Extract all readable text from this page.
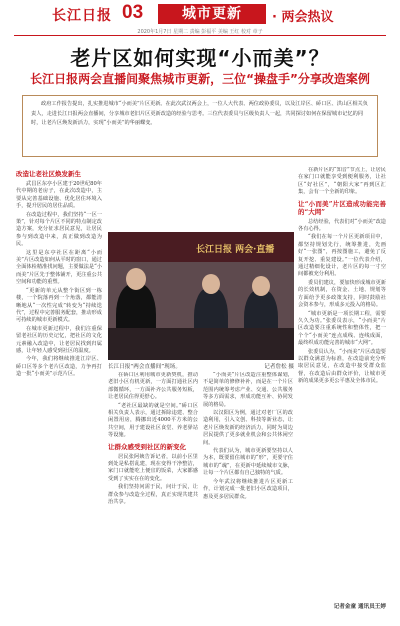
长江日报 03	城市更新	· 两会热议
2020年1月7日 星期二 责编 彭福平 美编 王红 校对 章子
老片区如何实现“小而美”？
长江日报两会直播间聚焦城市更新，三位“操盘手”分享改造案例

政府工作报告提出，扎实推进城市“小而美”片区更新。在此次武汉两会上，一位人大代表、两位政协委员，以及江岸区、硚口区、洪山区相关负责人，走进长江日报两会直播间，分享城市老旧片区更新改造的经验与思考。三位代表委员与区级负责人一起，共同探讨如何在保留城市记忆的同时，让老片区焕发新活力，实现“小而美”的华丽蝶变。

改造让老社区焕发新生

武昌区东亭小区建于20世纪80年代中期的老房子，在此次改造中，主要从完善基础设施、优化居住环境入手，提升居民的居住品质。

在改造过程中，我们坚持“一区一策”，针对每个片区不同的特点制定改造方案，充分征求居民意见，让居民参与到改造中来，真正做到改造为民。

这里是东亭社区在距离“小而美”片区改造如何从平时的窗口，通过全面体检精准找问题，主要做法是“小而美”片区先于整体铺开，更注重公共空间和功能的重塑。

“更新的单元从整个街区到一栋楼，一个院落再到一个角落，都能清晰地从“一次性完成”转变为“持续迭代”，过程中完善服务配套，推动形成可持续的城市更新模式。

在城市更新过程中，我们注重保留老社区的历史记忆，把社区的文化元素融入改造中，让老居民找到归属感，让年轻人感受到社区的温度。

今年，我们将继续推进江岸区、硚口区等多个老片区改造，力争再打造一批“小而美”示范片区。

长江日报 两会·直播
长江日报“两会直播间”现场。	记者詹松 摄

在硚口区利用城市更新契机，推动老旧小区有机更新，一方面打通社区内部微循环，一方面补齐公共服务短板，让老居民住得更舒心。

“老社区最缺的就是空间。”硚口区相关负责人表示，通过拆除违建、整合闲置用房，腾挪出近4000平方米的公共空间，用于建设社区食堂、养老驿站等设施。

让群众感受到社区的新变化

居民张阿姨告诉记者，以前小区里到处是私搭乱建，现在变得干净整洁，家门口就能吃上便宜的饭菜，大家都感受到了实实在在的变化。

我们坚持问需于民，问计于民，让群众参与改造全过程，真正实现共建共治共享。

“小而美”片区改造注重整体谋划，不是简单的修修补补，而是在一个片区范围内统筹考虑产业、交通、公共服务等多方面需求，形成功能互补、协同发展的格局。

以汉阳区为例，通过对老厂区的改造利用，引入文创、科技等新业态，让老片区焕发新的经济活力，同时为周边居民提供了更多就业机会和公共休闲空间。

代表们认为，城市更新要坚持以人为本，既要留住城市的“形”，更要守住城市的“魂”，在更新中延续城市文脉，让每一个片区都有自己独特的气质。

今年武汉将继续推进片区更新工作，计划完成一批老旧小区改造项目，惠及更多居民群众。

在新片区的“知音”节点上，让居民在家门口就能享受到便利服务，让社区“好社区”，“朝阳大家”再到区汇集，会有一个全新的印象。

让“小而美”片区造成功能完善的“大网”

总结经验，代表们对“小而美”改造各有心得。

“我们在每一个片区更新项目中，都坚持规划先行，统筹推进，先画好“一张图”，再按图施工，避免了反复开挖、重复建设。”一位代表介绍，通过精细化设计，老片区的每一寸空间都被充分利用。

委员们建议，要加快形成城市更新的长效机制，在资金、土地、规划等方面给予更多政策支持，同时鼓励社会资本参与，形成多元投入的格局。

“城市更新是一项长期工程，需要久久为功。”张委员表示，“小而美”片区改造要注重系统性和整体性，把一个个“小而美”连点成线、连线成面，最终织成功能完善的城市“大网”。

张委员认为，“小而美”片区改造要以群众满意为标准，在改造前充分听取居民意见，在改造中接受群众监督，在改造后由群众评价，让城市更新的成果更多更公平惠及全体市民。

记者金童 通讯员王婷
